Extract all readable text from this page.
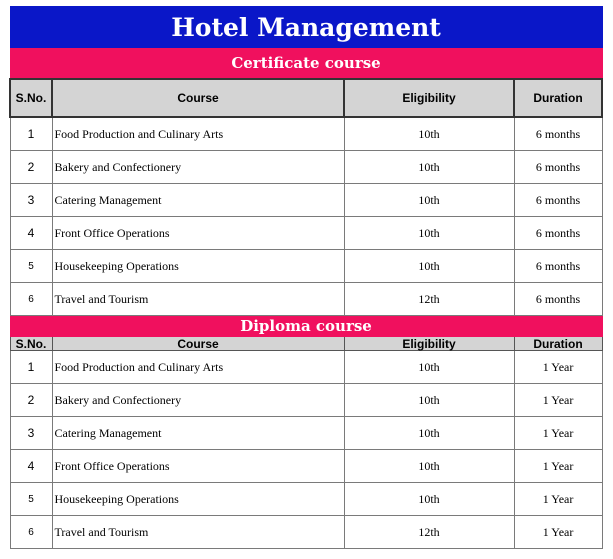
Hotel Management			
Certificate course			
S.No.	Course	Eligibility	Duration
1	Food Production and Culinary Arts	10th	6 months
2	Bakery and Confectionery	10th	6 months
3	Catering Management	10th	6 months
4	Front Office Operations	10th	6 months
5	Housekeeping Operations	10th	6 months
6	Travel and Tourism	12th	6 months
Diploma course			
S.No.	Course	Eligibility	Duration
1	Food Production and Culinary Arts	10th	1 Year
2	Bakery and Confectionery	10th	1 Year
3	Catering Management	10th	1 Year
4	Front Office Operations	10th	1 Year
5	Housekeeping Operations	10th	1 Year
6	Travel and Tourism	12th	1 Year
